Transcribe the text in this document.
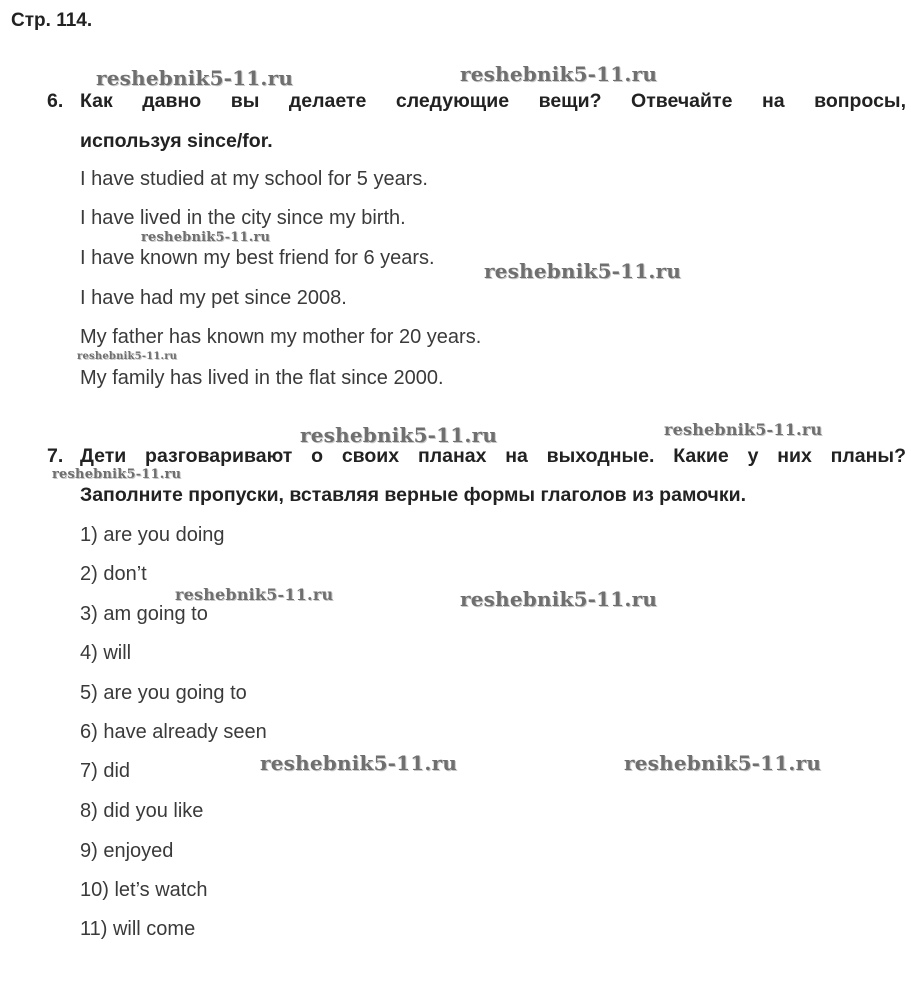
Стр. 114.
6. Как давно вы делаете следующие вещи? Отвечайте на вопросы,
используя since/for.
I have studied at my school for 5 years.
I have lived in the city since my birth.
I have known my best friend for 6 years.
I have had my pet since 2008.
My father has known my mother for 20 years.
My family has lived in the flat since 2000.
7. Дети разговаривают о своих планах на выходные. Какие у них планы?
Заполните пропуски, вставляя верные формы глаголов из рамочки.
1) are you doing
2) don’t
3) am going to
4) will
5) are you going to
6) have already seen
7) did
8) did you like
9) enjoyed
10) let’s watch
11) will come
reshebnik5-11.ru	reshebnik5-11.ru
reshebnik5-11.ru
reshebnik5-11.ru
reshebnik5-11.ru
reshebnik5-11.ru	reshebnik5-11.ru
reshebnik5-11.ru
reshebnik5-11.ru	reshebnik5-11.ru
reshebnik5-11.ru	reshebnik5-11.ru
